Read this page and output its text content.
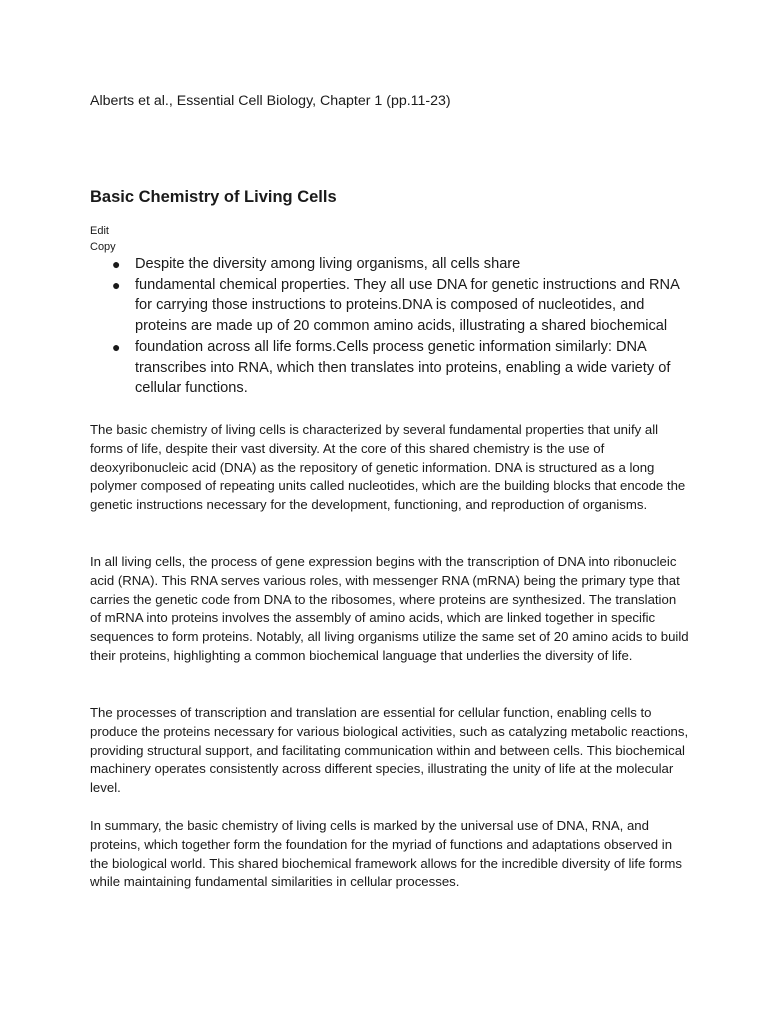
Alberts et al., Essential Cell Biology, Chapter 1 (pp.11-23)

Basic Chemistry of Living Cells
Edit
Copy
● Despite the diversity among living organisms, all cells share
● fundamental chemical properties. They all use DNA for genetic instructions and RNA for carrying those instructions to proteins.DNA is composed of nucleotides, and proteins are made up of 20 common amino acids, illustrating a shared biochemical
● foundation across all life forms.Cells process genetic information similarly: DNA transcribes into RNA, which then translates into proteins, enabling a wide variety of cellular functions.

The basic chemistry of living cells is characterized by several fundamental properties that unify all forms of life, despite their vast diversity. At the core of this shared chemistry is the use of deoxyribonucleic acid (DNA) as the repository of genetic information. DNA is structured as a long polymer composed of repeating units called nucleotides, which are the building blocks that encode the genetic instructions necessary for the development, functioning, and reproduction of organisms.

In all living cells, the process of gene expression begins with the transcription of DNA into ribonucleic acid (RNA). This RNA serves various roles, with messenger RNA (mRNA) being the primary type that carries the genetic code from DNA to the ribosomes, where proteins are synthesized. The translation of mRNA into proteins involves the assembly of amino acids, which are linked together in specific sequences to form proteins. Notably, all living organisms utilize the same set of 20 amino acids to build their proteins, highlighting a common biochemical language that underlies the diversity of life.

The processes of transcription and translation are essential for cellular function, enabling cells to produce the proteins necessary for various biological activities, such as catalyzing metabolic reactions, providing structural support, and facilitating communication within and between cells. This biochemical machinery operates consistently across different species, illustrating the unity of life at the molecular level.

In summary, the basic chemistry of living cells is marked by the universal use of DNA, RNA, and proteins, which together form the foundation for the myriad of functions and adaptations observed in the biological world. This shared biochemical framework allows for the incredible diversity of life forms while maintaining fundamental similarities in cellular processes.
